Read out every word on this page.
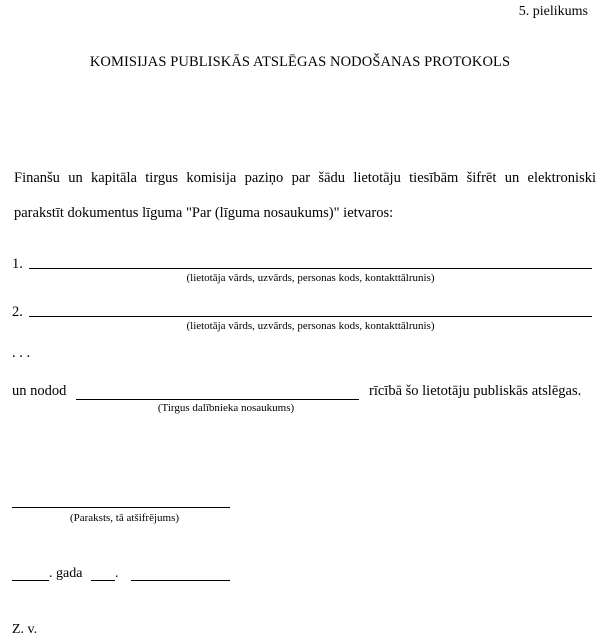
5. pielikums
KOMISIJAS PUBLISKĀS ATSLĒGAS NODOŠANAS PROTOKOLS
Finanšu un kapitāla tirgus komisija paziņo par šādu lietotāju tiesībām šifrēt un elektroniski
parakstīt dokumentus līguma "Par (līguma nosaukums)" ietvaros:
1.
(lietotāja vārds, uzvārds, personas kods, kontakttālrunis)
2.
(lietotāja vārds, uzvārds, personas kods, kontakttālrunis)
. . .
un nodod	rīcībā šo lietotāju publiskās atslēgas.
(Tirgus dalībnieka nosaukums)
(Paraksts, tā atšifrējums)
. gada .
Z. v.
